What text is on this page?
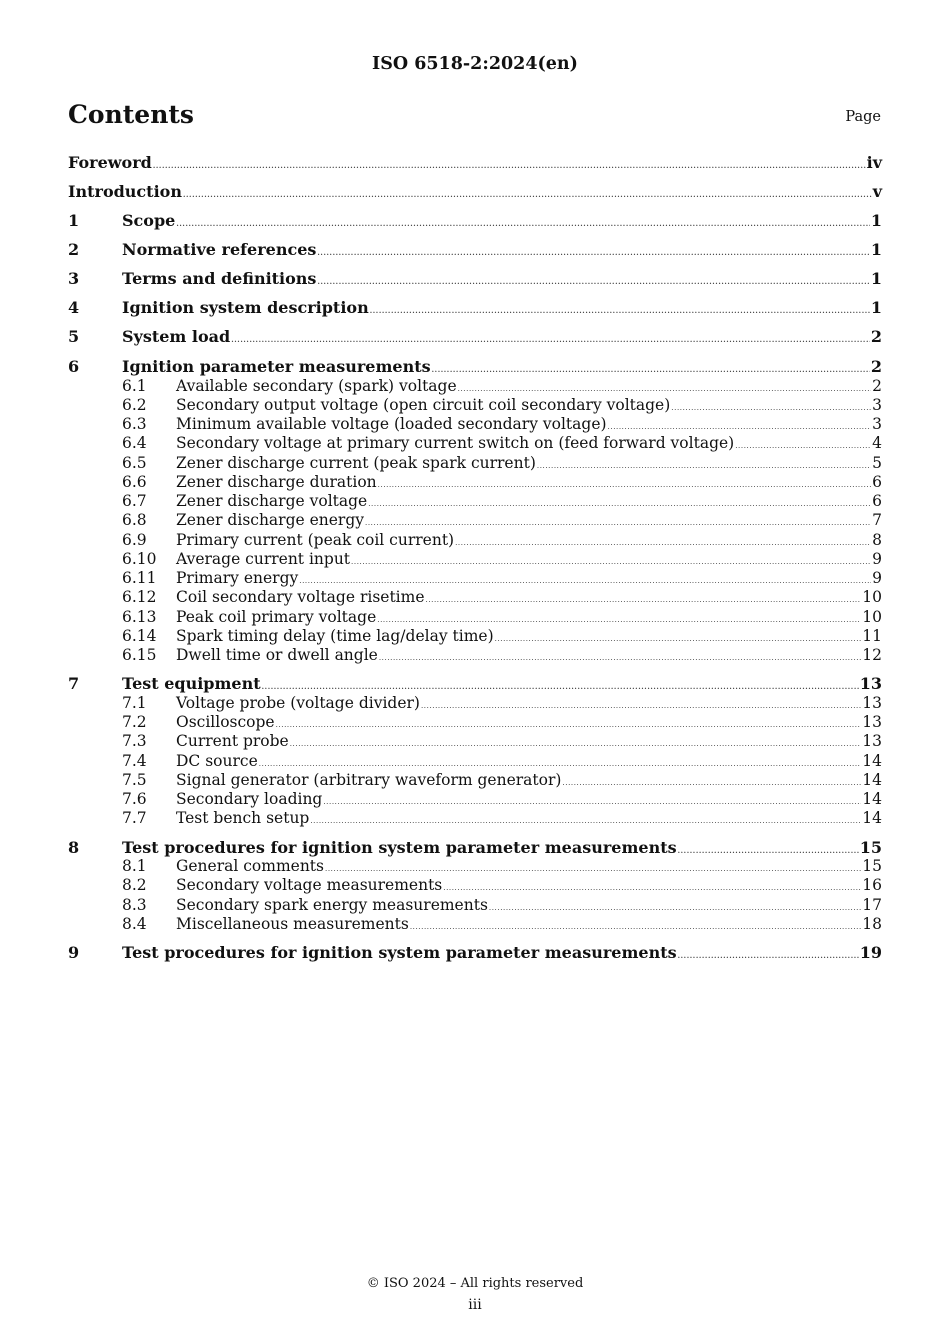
ISO 6518-2:2024(en)
Contents	Page
Foreword .....	iv
Introduction .....	v
1	Scope .....	1
2	Normative references .....	1
3	Terms and definitions .....	1
4	Ignition system description .....	1
5	System load .....	2
6	Ignition parameter measurements .....	2
6.1	Available secondary (spark) voltage .....	2
6.2	Secondary output voltage (open circuit coil secondary voltage) .....	3
6.3	Minimum available voltage (loaded secondary voltage) .....	3
6.4	Secondary voltage at primary current switch on (feed forward voltage) .....	4
6.5	Zener discharge current (peak spark current) .....	5
6.6	Zener discharge duration .....	6
6.7	Zener discharge voltage .....	6
6.8	Zener discharge energy .....	7
6.9	Primary current (peak coil current) .....	8
6.10	Average current input .....	9
6.11	Primary energy .....	9
6.12	Coil secondary voltage risetime .....	10
6.13	Peak coil primary voltage .....	10
6.14	Spark timing delay (time lag/delay time) .....	11
6.15	Dwell time or dwell angle .....	12
7	Test equipment .....	13
7.1	Voltage probe (voltage divider) .....	13
7.2	Oscilloscope .....	13
7.3	Current probe .....	13
7.4	DC source .....	14
7.5	Signal generator (arbitrary waveform generator) .....	14
7.6	Secondary loading .....	14
7.7	Test bench setup .....	14
8	Test procedures for ignition system parameter measurements .....	15
8.1	General comments .....	15
8.2	Secondary voltage measurements .....	16
8.3	Secondary spark energy measurements .....	17
8.4	Miscellaneous measurements .....	18
9	Test procedures for ignition system parameter measurements .....	19
© ISO 2024 – All rights reserved
iii
